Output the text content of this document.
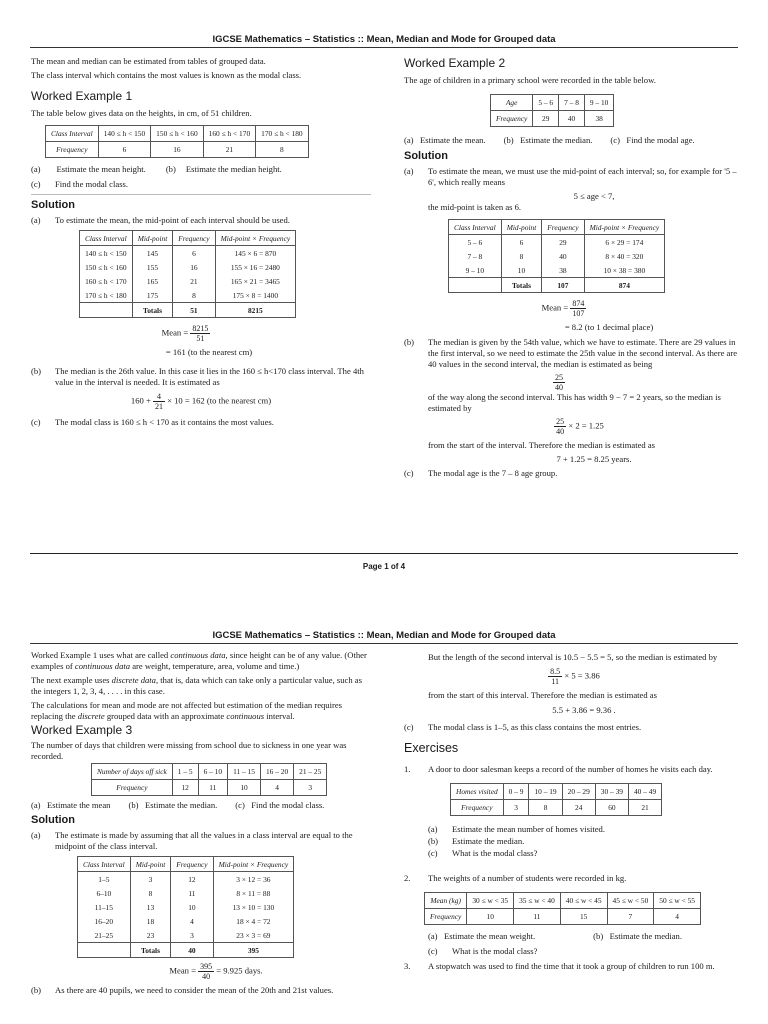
IGCSE Mathematics – Statistics :: Mean, Median and Mode for Grouped data

The mean and median can be estimated from tables of grouped data.

The class interval which contains the most values is known as the modal class.

Worked Example 1

The table below gives data on the heights, in cm, of 51 children.

Class Interval	140 ≤ h < 150	150 ≤ h < 160	160 ≤ h < 170	170 ≤ h < 180
Frequency	6	16	21	8
(a) Estimate the mean height. (b) Estimate the median height.
(c)	Find the modal class.
Solution
(a)	To estimate the mean, the mid-point of each interval should be used.
Class Interval	Mid-point	Frequency	Mid-point × Frequency
140 ≤ h < 150	145	6	145 × 6 = 870
150 ≤ h < 160	155	16	155 × 16 = 2480
160 ≤ h < 170	165	21	165 × 21 = 3465
170 ≤ h < 180	175	8	175 × 8 = 1400
	Totals	51	8215
Mean = $\frac{8215}{51}$
= 161 (to the nearest cm)
(b)	The median is the 26th value. In this case it lies in the 160 ≤ h<170 class interval. The 4th value in the interval is needed. It is estimated as
$160 + \frac{4}{21} \times 10 = 162$ (to the nearest cm)
(c)	The modal class is 160 ≤ h < 170 as it contains the most values.
Worked Example 2

The age of children in a primary school were recorded in the table below.

Age	5 – 6	7 – 8	9 – 10
Frequency	29	40	38
(a) Estimate the mean. (b) Estimate the median. (c) Find the modal age.
Solution
(a)	To estimate the mean, we must use the mid-point of each interval; so, for example for '5 – 6', which really means
5 ≤ age < 7,

the mid-point is taken as 6.

Class Interval	Mid-point	Frequency	Mid-point × Frequency
5 – 6	6	29	6 × 29 = 174
7 – 8	8	40	8 × 40 = 320
9 – 10	10	38	10 × 38 = 380
	Totals	107	874
Mean = $\frac{874}{107}$
= 8.2 (to 1 decimal place)
(b)	The median is given by the 54th value, which we have to estimate. There are 29 values in the first interval, so we need to estimate the 25th value in the second interval. As there are 40 values in the second interval, the median is estimated as being
$\frac{25}{40}$

of the way along the second interval. This has width 9 − 7 = 2 years, so the median is estimated by

$\frac{25}{40} \times 2 = 1.25$

from the start of the interval. Therefore the median is estimated as

7 + 1.25 = 8.25 years.
(c)	The modal age is the 7 – 8 age group.
Page 1 of 4
IGCSE Mathematics – Statistics :: Mean, Median and Mode for Grouped data

Worked Example 1 uses what are called continuous data, since height can be of any value. (Other examples of continuous data are weight, temperature, area, volume and time.)

The next example uses discrete data, that is, data which can take only a particular value, such as the integers 1, 2, 3, 4, . . . . in this case.

The calculations for mean and mode are not affected but estimation of the median requires replacing the discrete grouped data with an approximate continuous interval.

Worked Example 3

The number of days that children were missing from school due to sickness in one year was recorded.

Number of days off sick	1 – 5	6 – 10	11 – 15	16 – 20	21 – 25
Frequency	12	11	10	4	3
(a) Estimate the mean (b) Estimate the median. (c) Find the modal class.
Solution
(a)	The estimate is made by assuming that all the values in a class interval are equal to the midpoint of the class interval.
Class Interval	Mid-point	Frequency	Mid-point × Frequency
1–5	3	12	3 × 12 = 36
6–10	8	11	8 × 11 = 88
11–15	13	10	13 × 10 = 130
16–20	18	4	18 × 4 = 72
21–25	23	3	23 × 3 = 69
	Totals	40	395
Mean = $\frac{395}{40} = 9.925$ days.
(b)	As there are 40 pupils, we need to consider the mean of the 20th and 21st values.

But the length of the second interval is 10.5 − 5.5 = 5, so the median is estimated by

$\frac{8.5}{11} \times 5 = 3.86$

from the start of this interval. Therefore the median is estimated as

5.5 + 3.86 = 9.36 .
(c)	The modal class is 1–5, as this class contains the most entries.
Exercises
1.	A door to door salesman keeps a record of the number of homes he visits each day.
Homes visited	0 – 9	10 – 19	20 – 29	30 – 39	40 – 49
Frequency	3	8	24	60	21
(a)	Estimate the mean number of homes visited.
(b)	Estimate the median.
(c)	What is the modal class?
2.	The weights of a number of students were recorded in kg.
Mean (kg)	30 ≤ w < 35	35 ≤ w < 40	40 ≤ w < 45	45 ≤ w < 50	50 ≤ w < 55
Frequency	10	11	15	7	4
(a) Estimate the mean weight.	(b) Estimate the median.
(c)	What is the modal class?
3.	A stopwatch was used to find the time that it took a group of children to run 100 m.
